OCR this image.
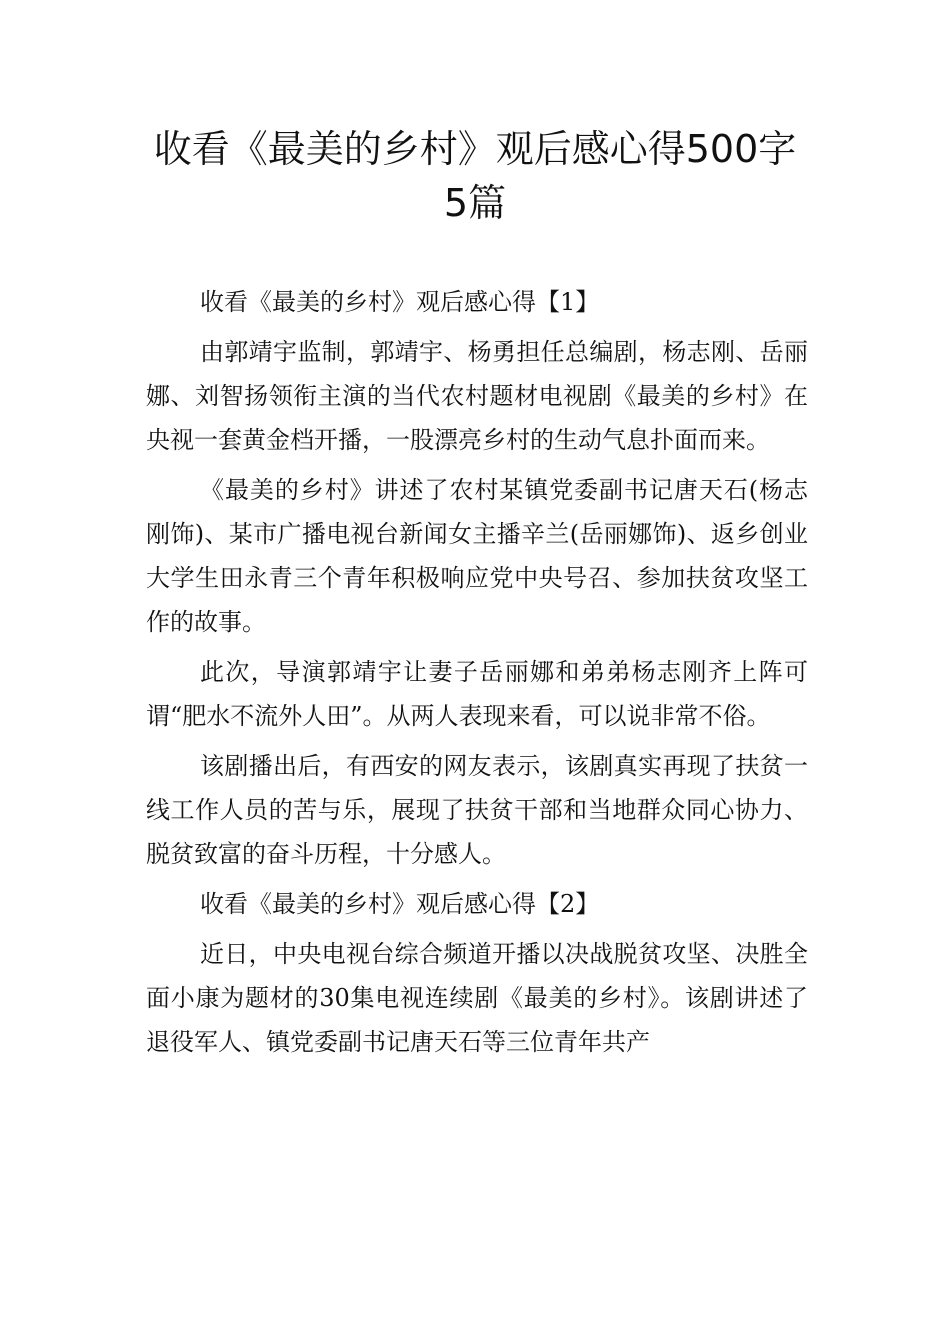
收看《最美的乡村》观后感心得500字
5篇

收看《最美的乡村》观后感心得【1】

由郭靖宇监制，郭靖宇、杨勇担任总编剧，杨志刚、岳丽娜、刘智扬领衔主演的当代农村题材电视剧《最美的乡村》在央视一套黄金档开播，一股漂亮乡村的生动气息扑面而来。

《最美的乡村》讲述了农村某镇党委副书记唐天石(杨志刚饰)、某市广播电视台新闻女主播辛兰(岳丽娜饰)、返乡创业大学生田永青三个青年积极响应党中央号召、参加扶贫攻坚工作的故事。

此次，导演郭靖宇让妻子岳丽娜和弟弟杨志刚齐上阵可谓“肥水不流外人田”。从两人表现来看，可以说非常不俗。

该剧播出后，有西安的网友表示，该剧真实再现了扶贫一线工作人员的苦与乐，展现了扶贫干部和当地群众同心协力、脱贫致富的奋斗历程，十分感人。

收看《最美的乡村》观后感心得【2】

近日，中央电视台综合频道开播以决战脱贫攻坚、决胜全面小康为题材的30集电视连续剧《最美的乡村》。该剧讲述了退役军人、镇党委副书记唐天石等三位青年共产
